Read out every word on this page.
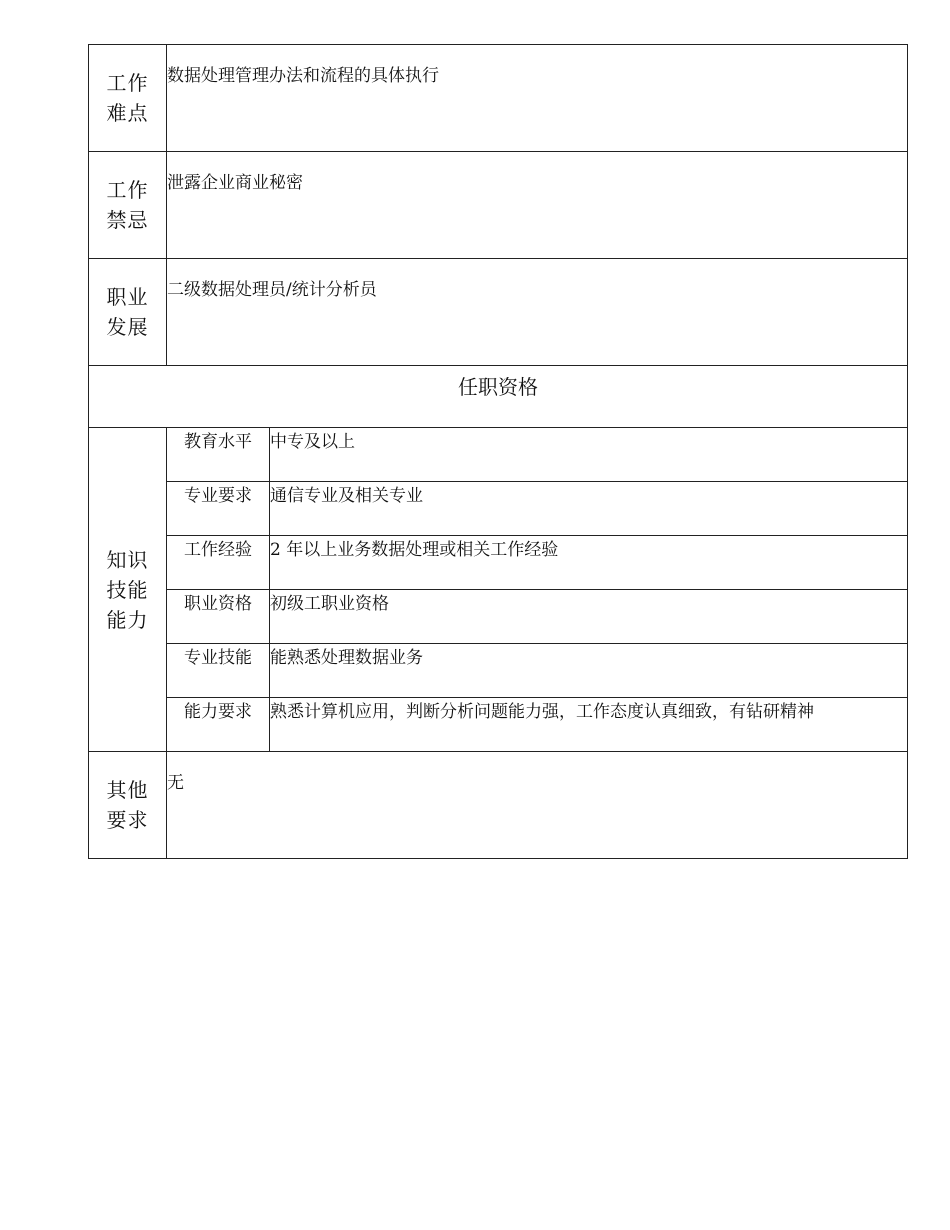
工作
难点	数据处理管理办法和流程的具体执行	

工作
禁忌	泄露企业商业秘密	

职业
发展	二级数据处理员/统计分析员	
任职资格		

知识
技能
能力	教育水平	中专及以上
	专业要求	通信专业及相关专业
	工作经验	2 年以上业务数据处理或相关工作经验
	职业资格	初级工职业资格
	专业技能	能熟悉处理数据业务
	能力要求	熟悉计算机应用，判断分析问题能力强，工作态度认真细致，有钻研精神

其他
要求	无	
